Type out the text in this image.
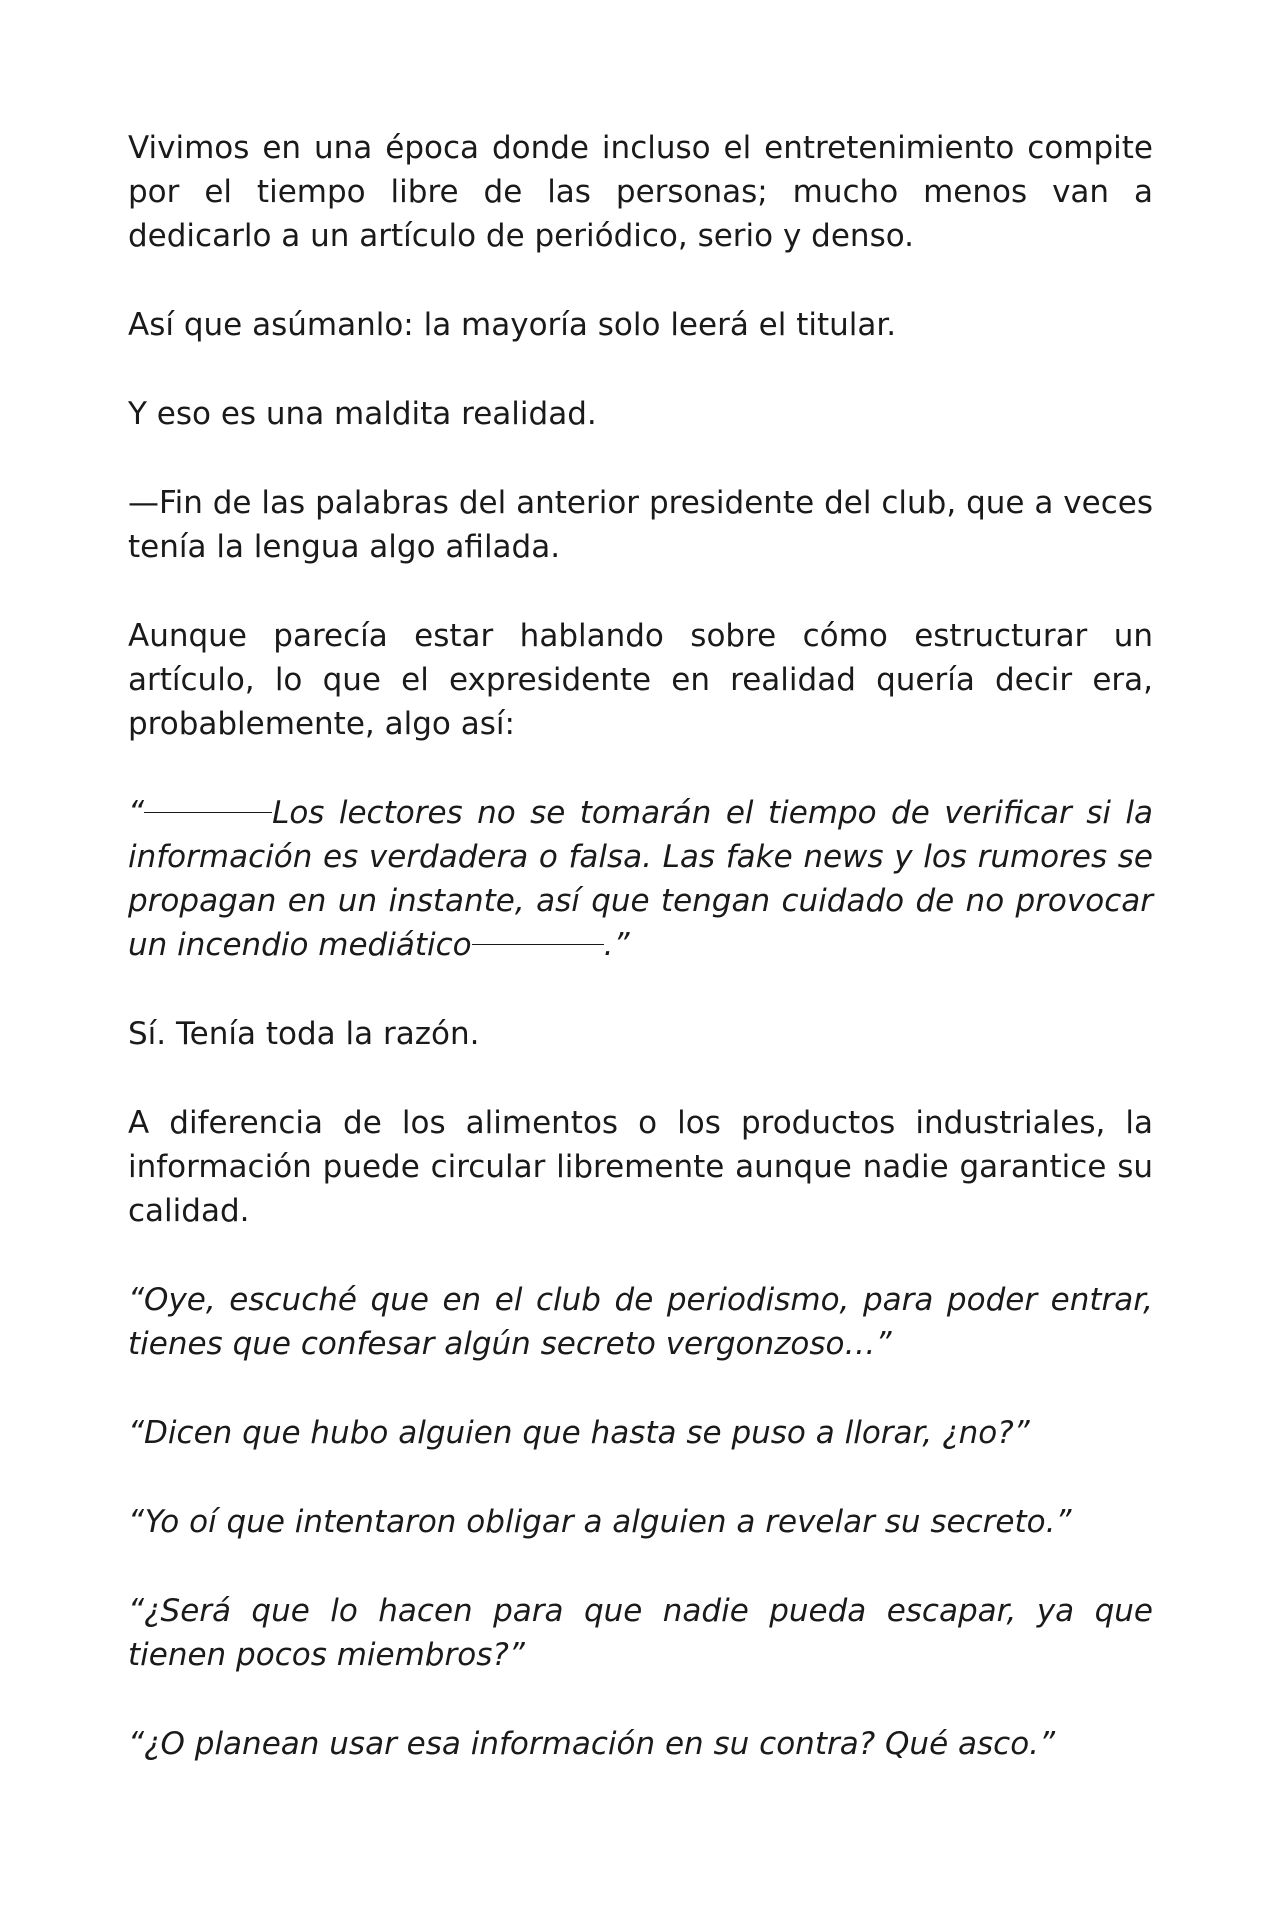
Vivimos en una época donde incluso el entretenimiento compite por el tiempo libre de las personas; mucho menos van a dedicarlo a un artículo de periódico, serio y denso.

Así que asúmanlo: la mayoría solo leerá el titular.

Y eso es una maldita realidad.

—Fin de las palabras del anterior presidente del club, que a veces tenía la lengua algo afilada.

Aunque parecía estar hablando sobre cómo estructurar un artículo, lo que el expresidente en realidad quería decir era, probablemente, algo así:

“	Los lectores no se tomarán el tiempo de verificar si la información es verdadera o falsa. Las fake news y los rumores se propagan en un instante, así que tengan cuidado de no provocar un incendio mediático	.”

Sí. Tenía toda la razón.

A diferencia de los alimentos o los productos industriales, la información puede circular libremente aunque nadie garantice su calidad.

“Oye, escuché que en el club de periodismo, para poder entrar, tienes que confesar algún secreto vergonzoso…”

“Dicen que hubo alguien que hasta se puso a llorar, ¿no?”

“Yo oí que intentaron obligar a alguien a revelar su secreto.”

“¿Será que lo hacen para que nadie pueda escapar, ya que tienen pocos miembros?”

“¿O planean usar esa información en su contra? Qué asco.”
